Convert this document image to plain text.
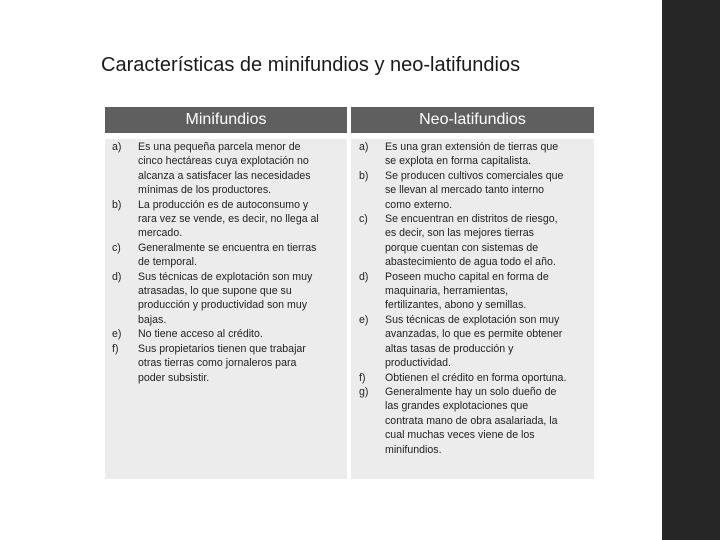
Características de minifundios y neo-latifundios
Minifundios	Neo-latifundios
a)	Es una pequeña parcela menor de
cinco hectáreas cuya explotación no
alcanza a satisfacer las necesidades
mínimas de los productores.
b)	La producción es de autoconsumo y
rara vez se vende, es decir, no llega al
mercado.
c)	Generalmente se encuentra en tierras
de temporal.
d)	Sus técnicas de explotación son muy
atrasadas, lo que supone que su
producción y productividad son muy
bajas.
e)	No tiene acceso al crédito.
f)	Sus propietarios tienen que trabajar
otras tierras como jornaleros para
poder subsistir.
a)	Es una gran extensión de tierras que
se explota en forma capitalista.
b)	Se producen cultivos comerciales que
se llevan al mercado tanto interno
como externo.
c)	Se encuentran en distritos de riesgo,
es decir, son las mejores tierras
porque cuentan con sistemas de
abastecimiento de agua todo el año.
d)	Poseen mucho capital en forma de
maquinaria, herramientas,
fertilizantes, abono y semillas.
e)	Sus técnicas de explotación son muy
avanzadas, lo que es permite obtener
altas tasas de producción y
productividad.
f)	Obtienen el crédito en forma oportuna.
g)	Generalmente hay un solo dueño de
las grandes explotaciones que
contrata mano de obra asalariada, la
cual muchas veces viene de los
minifundios.
